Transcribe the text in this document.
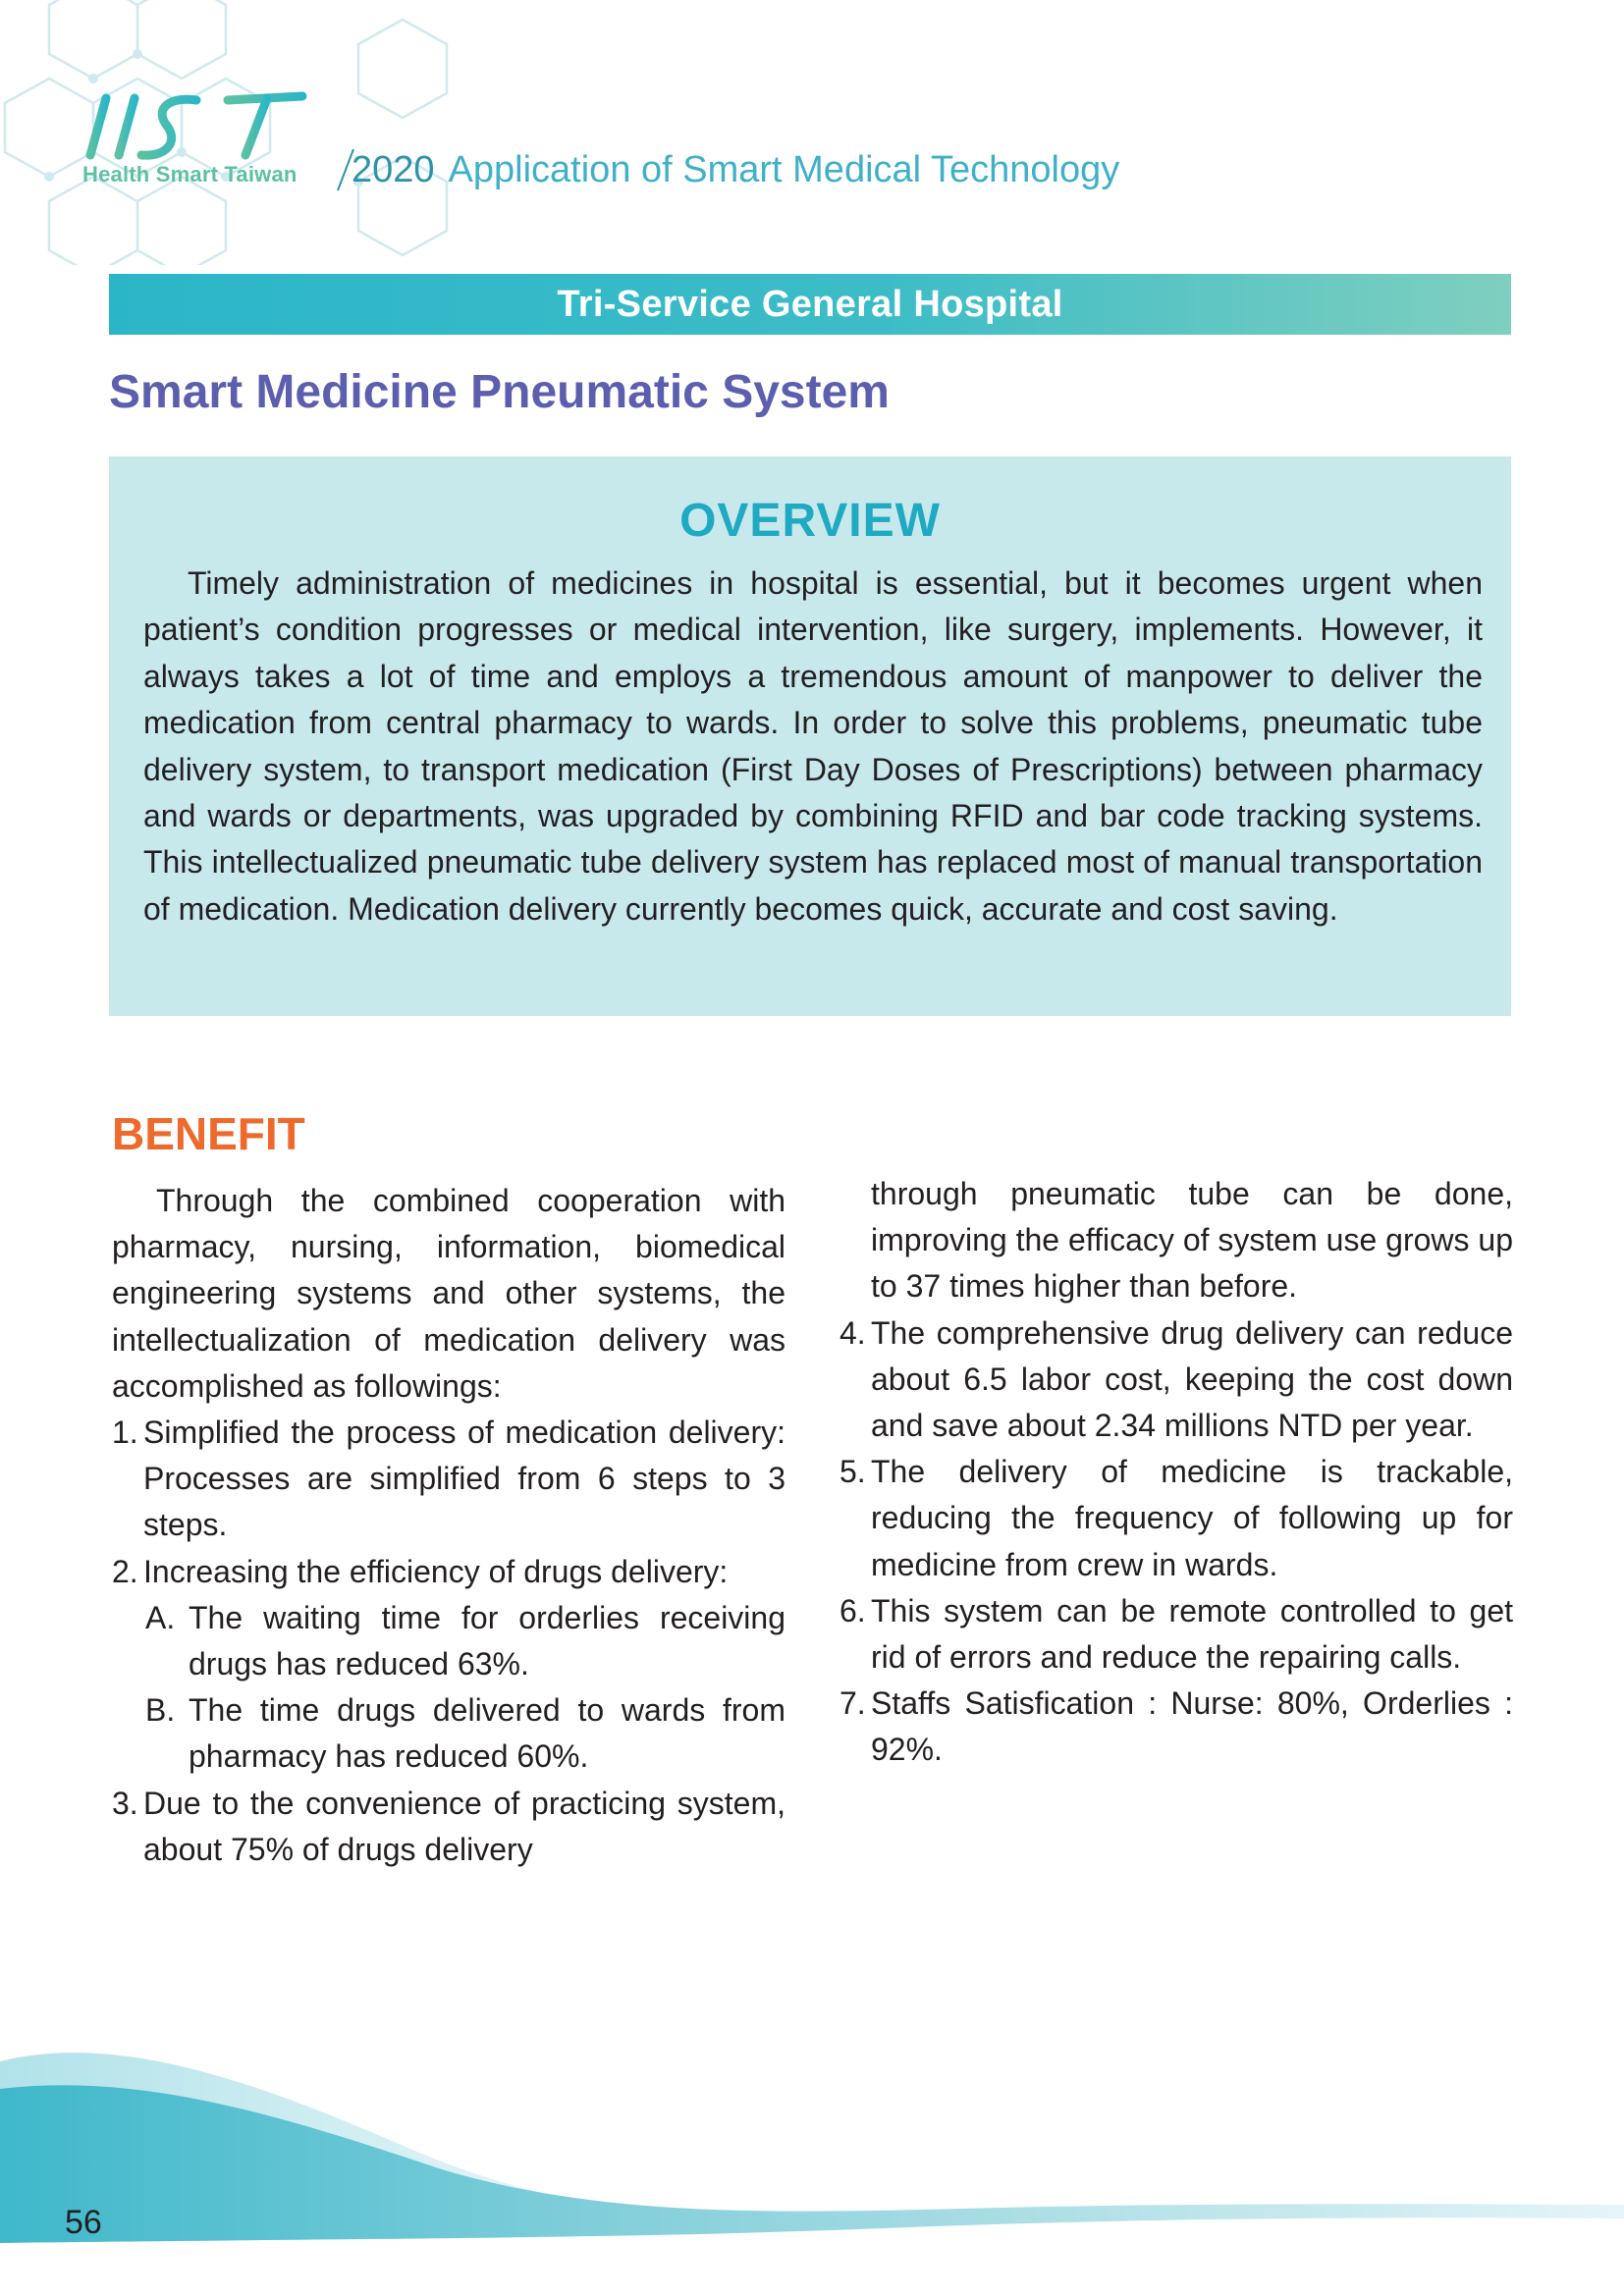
Health Smart Taiwan 2020 Application of Smart Medical Technology
Tri-Service General Hospital
Smart Medicine Pneumatic System
OVERVIEW

Timely administration of medicines in hospital is essential, but it becomes urgent when patient’s condition progresses or medical intervention, like surgery, implements. However, it always takes a lot of time and employs a tremendous amount of manpower to deliver the medication from central pharmacy to wards. In order to solve this problems, pneumatic tube delivery system, to transport medication (First Day Doses of Prescriptions) between pharmacy and wards or departments, was upgraded by combining RFID and bar code tracking systems. This intellectualized pneumatic tube delivery system has replaced most of manual transportation of medication. Medication delivery currently becomes quick, accurate and cost saving.

BENEFIT

Through the combined cooperation with pharmacy, nursing, information, biomedical engineering systems and other systems, the intellectualization of medication delivery was accomplished as followings:

1. Simplified the process of medication delivery: Processes are simplified from 6 steps to 3 steps.
2. Increasing the efficiency of drugs delivery:
A. The waiting time for orderlies receiving drugs has reduced 63%.
B. The time drugs delivered to wards from pharmacy has reduced 60%.
3. Due to the convenience of practicing system, about 75% of drugs delivery

through pneumatic tube can be done, improving the efficacy of system use grows up to 37 times higher than before.

4. The comprehensive drug delivery can reduce about 6.5 labor cost, keeping the cost down and save about 2.34 millions NTD per year.
5. The delivery of medicine is trackable, reducing the frequency of following up for medicine from crew in wards.
6. This system can be remote controlled to get rid of errors and reduce the repairing calls.
7. Staffs Satisfication : Nurse: 80%, Orderlies : 92%.
56
